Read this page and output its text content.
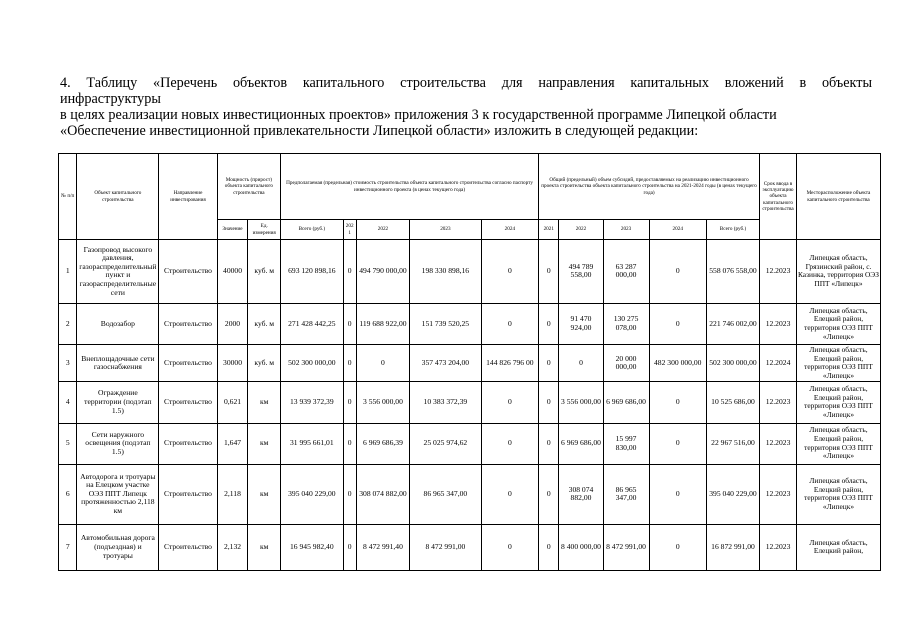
4. Таблицу «Перечень объектов капитального строительства для направления капитальных вложений в объекты
инфраструктуры
в целях реализации новых инвестиционных проектов» приложения 3 к государственной программе Липецкой области
«Обеспечение инвестиционной привлекательности Липецкой области» изложить в следующей редакции:
№ п/п	Объект капитального строительства	Направление инвестирования	Мощность (прирост) объекта капитального строительства		Предполагаемая (предельная) стоимость строительства объекта капитального строительства согласно паспорту инвестиционного проекта (в ценах текущего года)					Общий (предельный) объем субсидий, предоставляемых на реализацию инвестиционного проекта строительства объекта капитального строительства на 2021-2024 годы (в ценах текущего года)					Срок ввода в эксплуатацию объекта капитального строительства	Месторасположение объекта капитального строительства
			Значение	Ед. измерения	Всего (руб.)	202 1	2022	2023	2024	2021	2022	2023	2024	Всего (руб.)		
1	Газопровод высокого давления, газораспределительный пункт и газораспределительные сети	Строительство	40000	куб. м	693 120 898,16	0	494 790 000,00	198 330 898,16	0	0	494 789 558,00	63 287 000,00	0	558 076 558,00	12.2023	Липецкая область, Грязинский район, с. Казинка, территория ОЭЗ ППТ «Липецк»
2	Водозабор	Строительство	2000	куб. м	271 428 442,25	0	119 688 922,00	151 739 520,25	0	0	91 470 924,00	130 275 078,00	0	221 746 002,00	12.2023	Липецкая область, Елецкий район, территория ОЭЗ ППТ «Липецк»
3	Внеплощадочные сети газоснабжения	Строительство	30000	куб. м	502 300 000,00	0	0	357 473 204,00	144 826 796 00	0	0	20 000 000,00	482 300 000,00	502 300 000,00	12.2024	Липецкая область, Елецкий район, территория ОЭЗ ППТ «Липецк»
4	Ограждение территории (подэтап 1.5)	Строительство	0,621	км	13 939 372,39	0	3 556 000,00	10 383 372,39	0	0	3 556 000,00	6 969 686,00	0	10 525 686,00	12.2023	Липецкая область, Елецкий район, территория ОЭЗ ППТ «Липецк»
5	Сети наружного освещения (подэтап 1.5)	Строительство	1,647	км	31 995 661,01	0	6 969 686,39	25 025 974,62	0	0	6 969 686,00	15 997 830,00	0	22 967 516,00	12.2023	Липецкая область, Елецкий район, территория ОЭЗ ППТ «Липецк»
6	Автодорога и тротуары на Елецком участке ОЭЗ ППТ Липецк протяженностью 2,118 км	Строительство	2,118	км	395 040 229,00	0	308 074 882,00	86 965 347,00	0	0	308 074 882,00	86 965 347,00	0	395 040 229,00	12.2023	Липецкая область, Елецкий район, территория ОЭЗ ППТ «Липецк»
7	Автомобильная дорога (подъездная) и тротуары	Строительство	2,132	км	16 945 982,40	0	8 472 991,40	8 472 991,00	0	0	8 400 000,00	8 472 991,00	0	16 872 991,00	12.2023	Липецкая область, Елецкий район,
